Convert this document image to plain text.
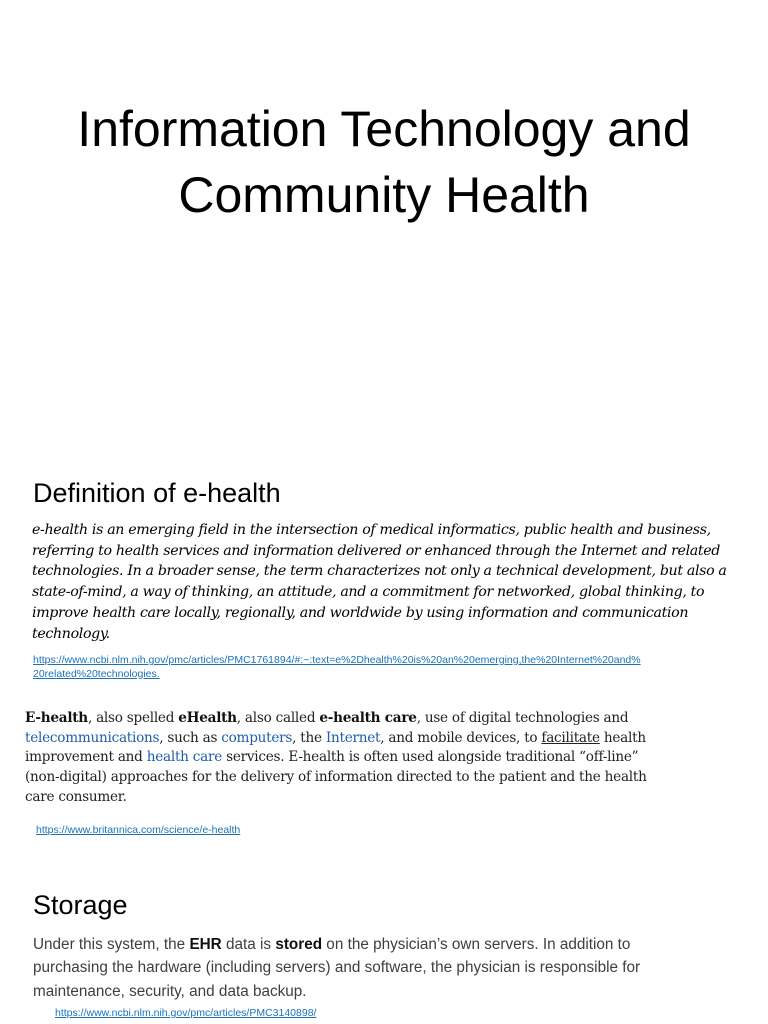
Information Technology and
Community Health
Definition of e-health

e-health is an emerging field in the intersection of medical informatics, public health and business,
referring to health services and information delivered or enhanced through the Internet and related
technologies. In a broader sense, the term characterizes not only a technical development, but also a
state-of-mind, a way of thinking, an attitude, and a commitment for networked, global thinking, to
improve health care locally, regionally, and worldwide by using information and communication
technology.

https://www.ncbi.nlm.nih.gov/pmc/articles/PMC1761894/#:~:text=e%2Dhealth%20is%20an%20emerging,the%20Internet%20and%
20related%20technologies.

E-health, also spelled eHealth, also called e-health care, use of digital technologies and
telecommunications, such as computers, the Internet, and mobile devices, to facilitate health
improvement and health care services. E-health is often used alongside traditional “off-line”
(non-digital) approaches for the delivery of information directed to the patient and the health
care consumer.

https://www.britannica.com/science/e-health
Storage

Under this system, the EHR data is stored on the physician’s own servers. In addition to
purchasing the hardware (including servers) and software, the physician is responsible for
maintenance, security, and data backup.

https://www.ncbi.nlm.nih.gov/pmc/articles/PMC3140898/
